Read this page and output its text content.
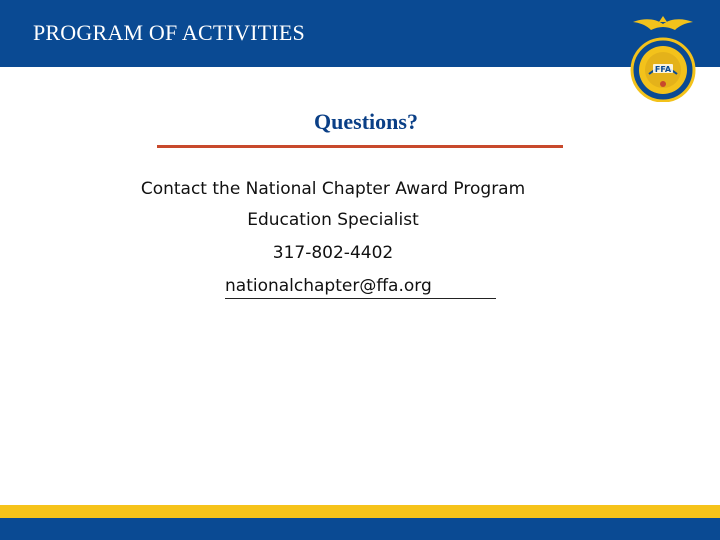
PROGRAM OF ACTIVITIES
FFA
Questions?
Contact the National Chapter Award Program
Education Specialist
317-802-4402
nationalchapter@ffa.org
